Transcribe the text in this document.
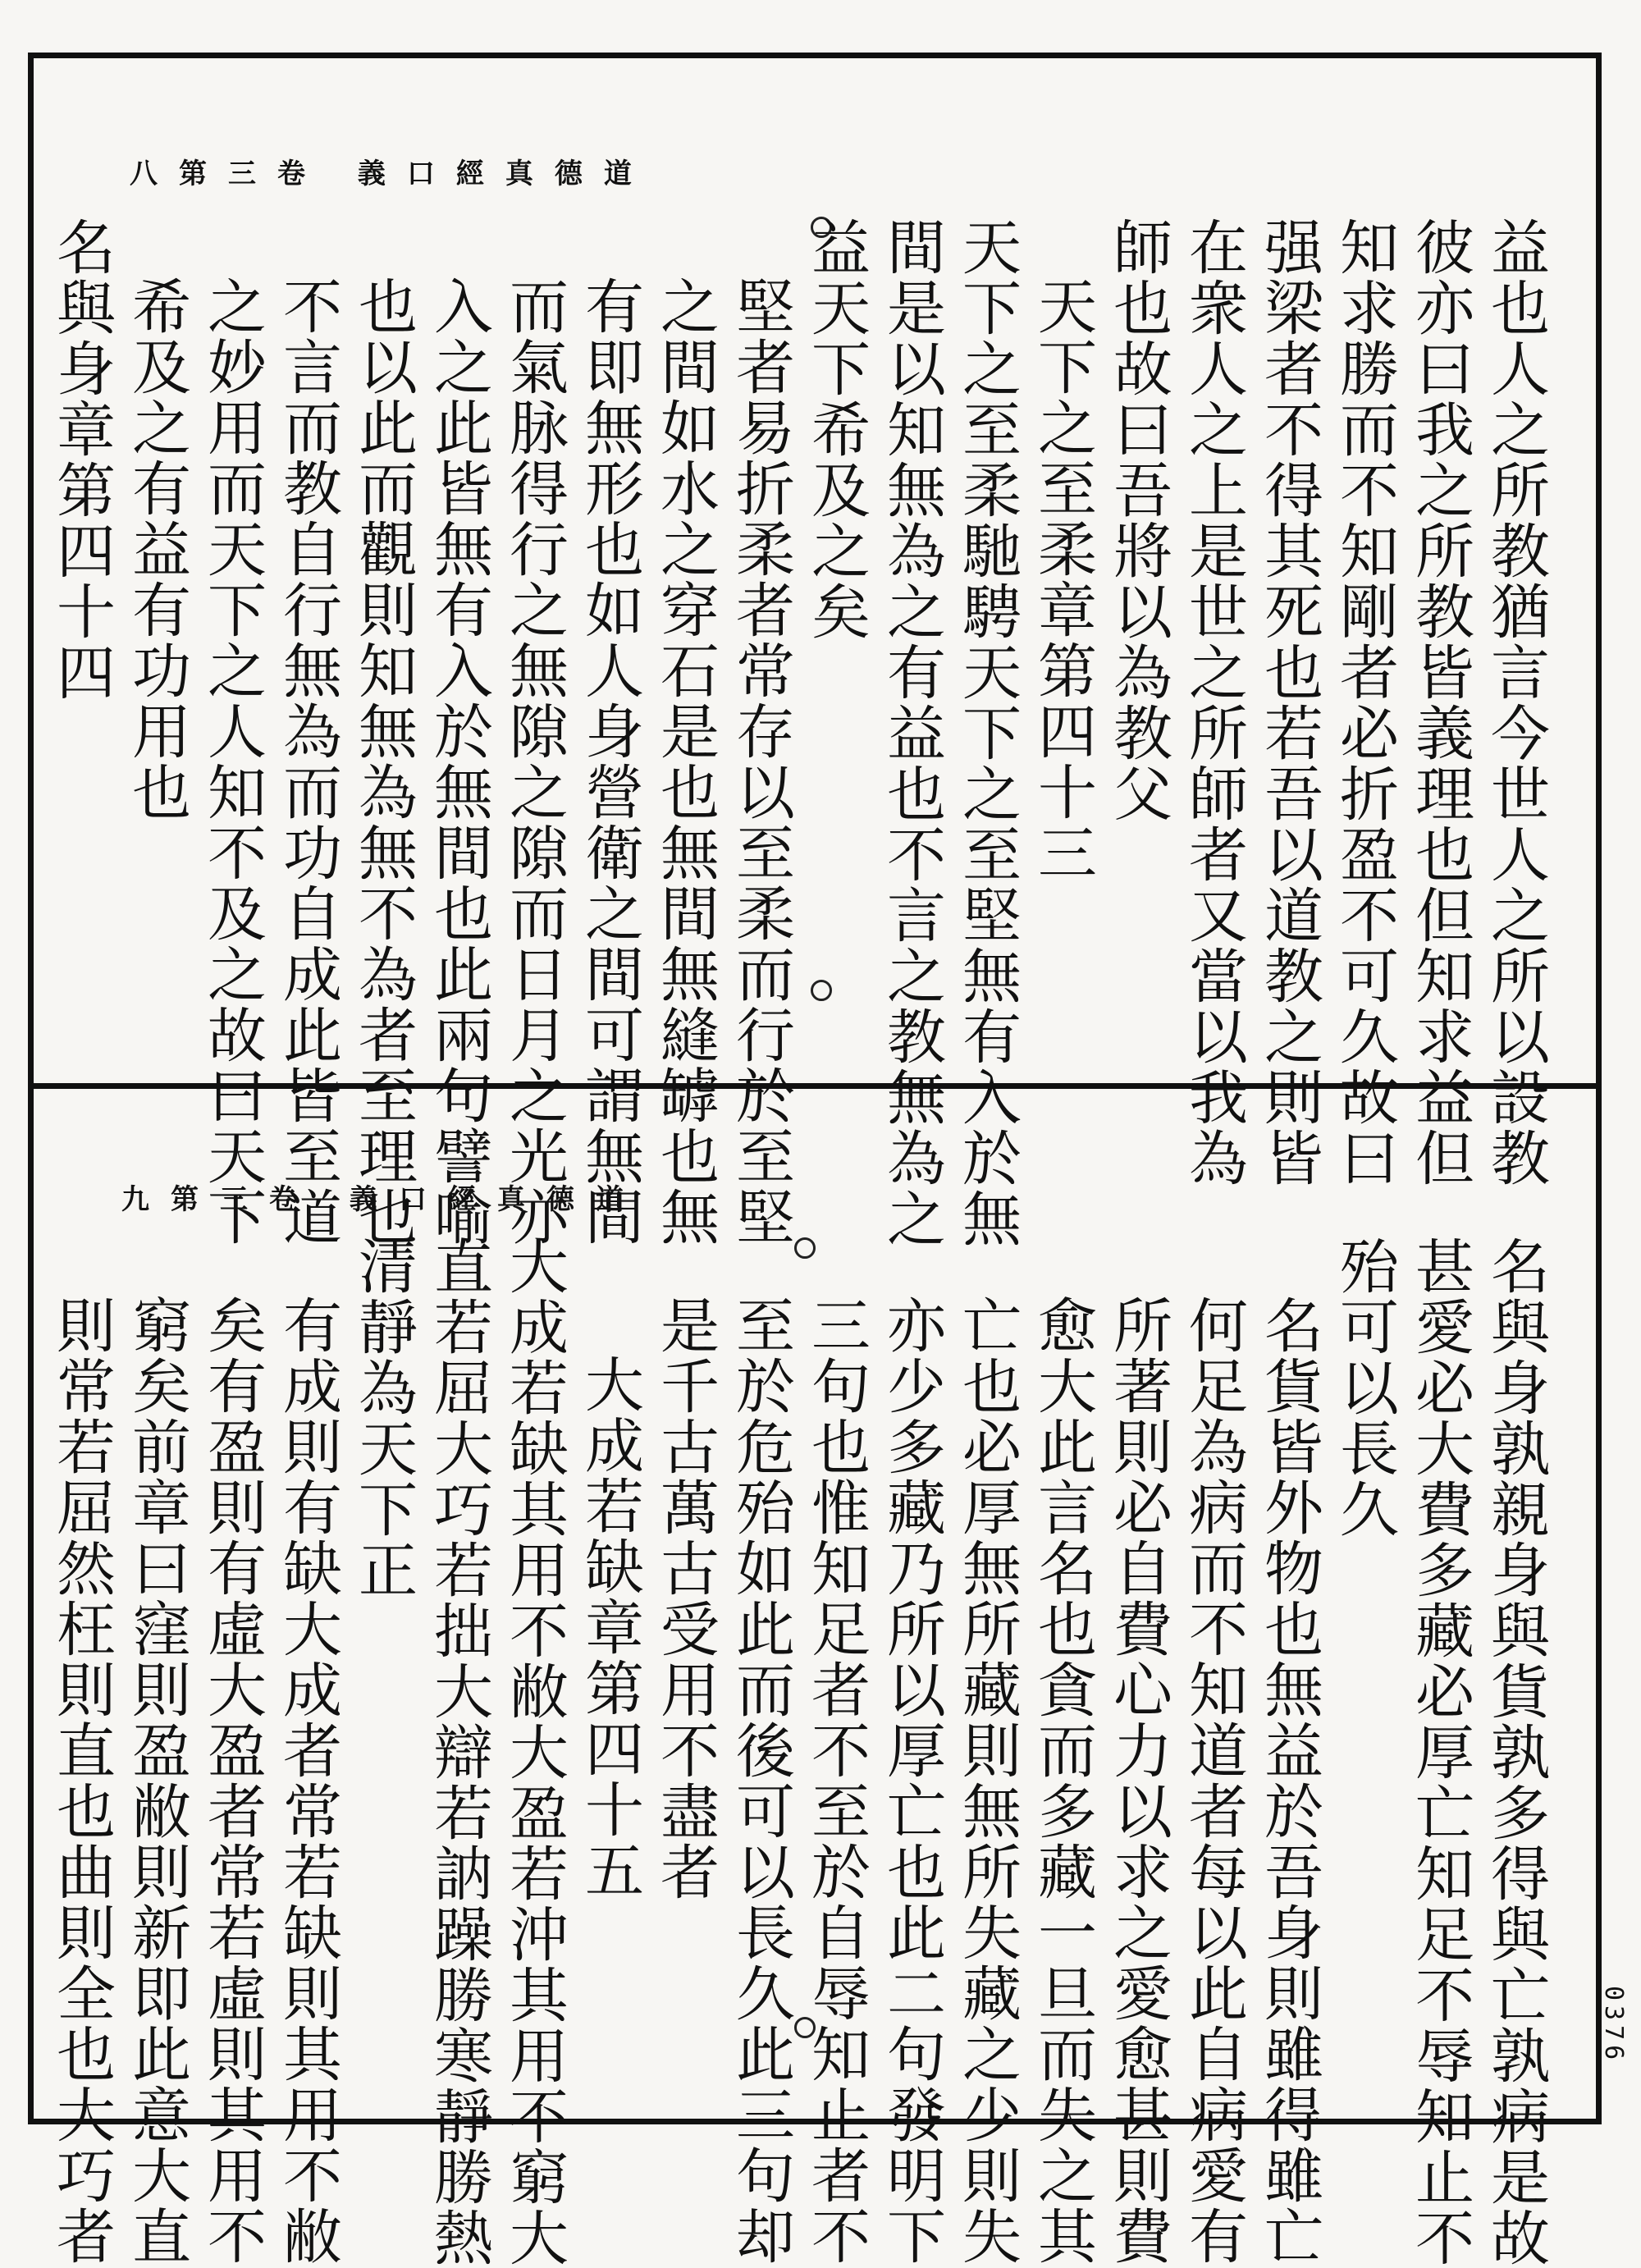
道德真經口義 卷三第八
益也人之所教猶言今世人之所以設教
彼亦曰我之所教皆義理也但知求益但
知求勝而不知剛者必折盈不可久故曰
强梁者不得其死也若吾以道教之則皆
在衆人之上是世之所師者又當以我為
師也故曰吾將以為教父
天下之至柔章第四十三
天下之至柔馳騁天下之至堅無有入於無
間是以知無為之有益也不言之教無為之
益天下希及之矣
堅者易折柔者常存以至柔而行於至堅
之間如水之穿石是也無間無縫罅也無
有即無形也如人身營衛之間可謂無間
而氣脉得行之無隙之隙而日月之光亦
入之此皆無有入於無間也此兩句譬喻
也以此而觀則知無為無不為者至理也
不言而教自行無為而功自成此皆至道
之妙用而天下之人知不及之故曰天下
希及之有益有功用也
名與身章第四十四
道德真經口義 卷三第九
名與身孰親身與貨孰多得與亡孰病是故
甚愛必大費多藏必厚亡知足不辱知止不
殆可以長久
名貨皆外物也無益於吾身則雖得雖亡
何足為病而不知道者每以此自病愛有
所著則必自費心力以求之愛愈甚則費
愈大此言名也貪而多藏一旦而失之其
亡也必厚無所藏則無所失藏之少則失
亦少多藏乃所以厚亡也此二句發明下
三句也惟知足者不至於自辱知止者不
至於危殆如此而後可以長久此三句却
是千古萬古受用不盡者
大成若缺章第四十五
大成若缺其用不敝大盈若沖其用不窮大
直若屈大巧若拙大辯若訥躁勝寒靜勝熱
清靜為天下正
有成則有缺大成者常若缺則其用不敝
矣有盈則有虛大盈者常若虛則其用不
窮矣前章曰窪則盈敝則新即此意大直
則常若屈然枉則直也曲則全也大巧者	0376
